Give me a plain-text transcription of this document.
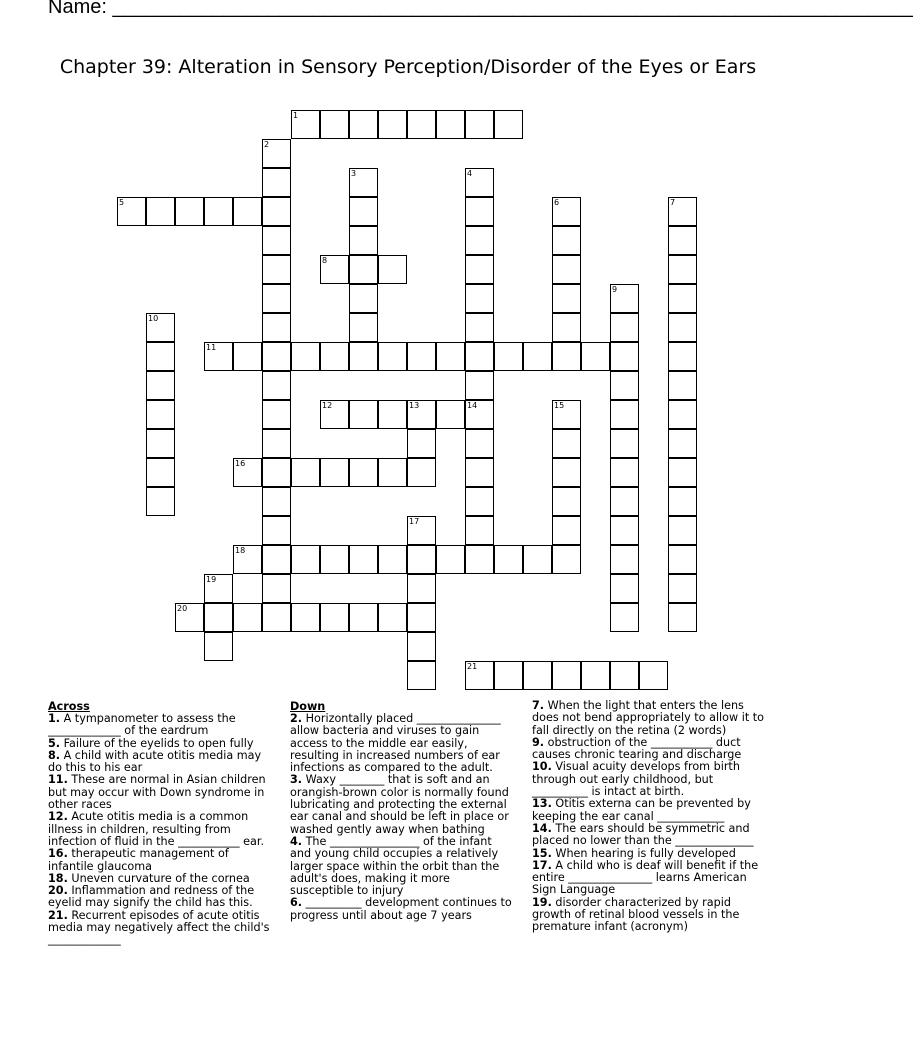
Name: ________________________________________________________________________
Chapter 39: Alteration in Sensory Perception/Disorder of the Eyes or Ears
1
2
3	4
14
5	6	7
8
9
10
11
12	13	15
16
17
18
19
20
21
Across
1. A tympanometer to assess the _____________ of the eardrum
5. Failure of the eyelids to open fully
8. A child with acute otitis media may do this to his ear
11. These are normal in Asian children but may occur with Down syndrome in other races
12. Acute otitis media is a common illness in children, resulting from infection of fluid in the ___________ ear.
16. therapeutic management of infantile glaucoma
18. Uneven curvature of the cornea
20. Inflammation and redness of the eyelid may signify the child has this.
21. Recurrent episodes of acute otitis media may negatively affect the child's _____________
Down
2. Horizontally placed _______________ allow bacteria and viruses to gain access to the middle ear easily, resulting in increased numbers of ear infections as compared to the adult.
3. Waxy ________ that is soft and an orangish-brown color is normally found lubricating and protecting the external ear canal and should be left in place or washed gently away when bathing
4. The ________________ of the infant and young child occupies a relatively larger space within the orbit than the adult's does, making it more susceptible to injury
6. __________ development continues to progress until about age 7 years
7. When the light that enters the lens does not bend appropriately to allow it to fall directly on the retina (2 words)
9. obstruction of the ___________ duct causes chronic tearing and discharge
10. Visual acuity develops from birth through out early childhood, but __________ is intact at birth.
13. Otitis externa can be prevented by keeping the ear canal ____________
14. The ears should be symmetric and placed no lower than the ______________
15. When hearing is fully developed
17. A child who is deaf will benefit if the entire _______________ learns American Sign Language
19. disorder characterized by rapid growth of retinal blood vessels in the premature infant (acronym)
